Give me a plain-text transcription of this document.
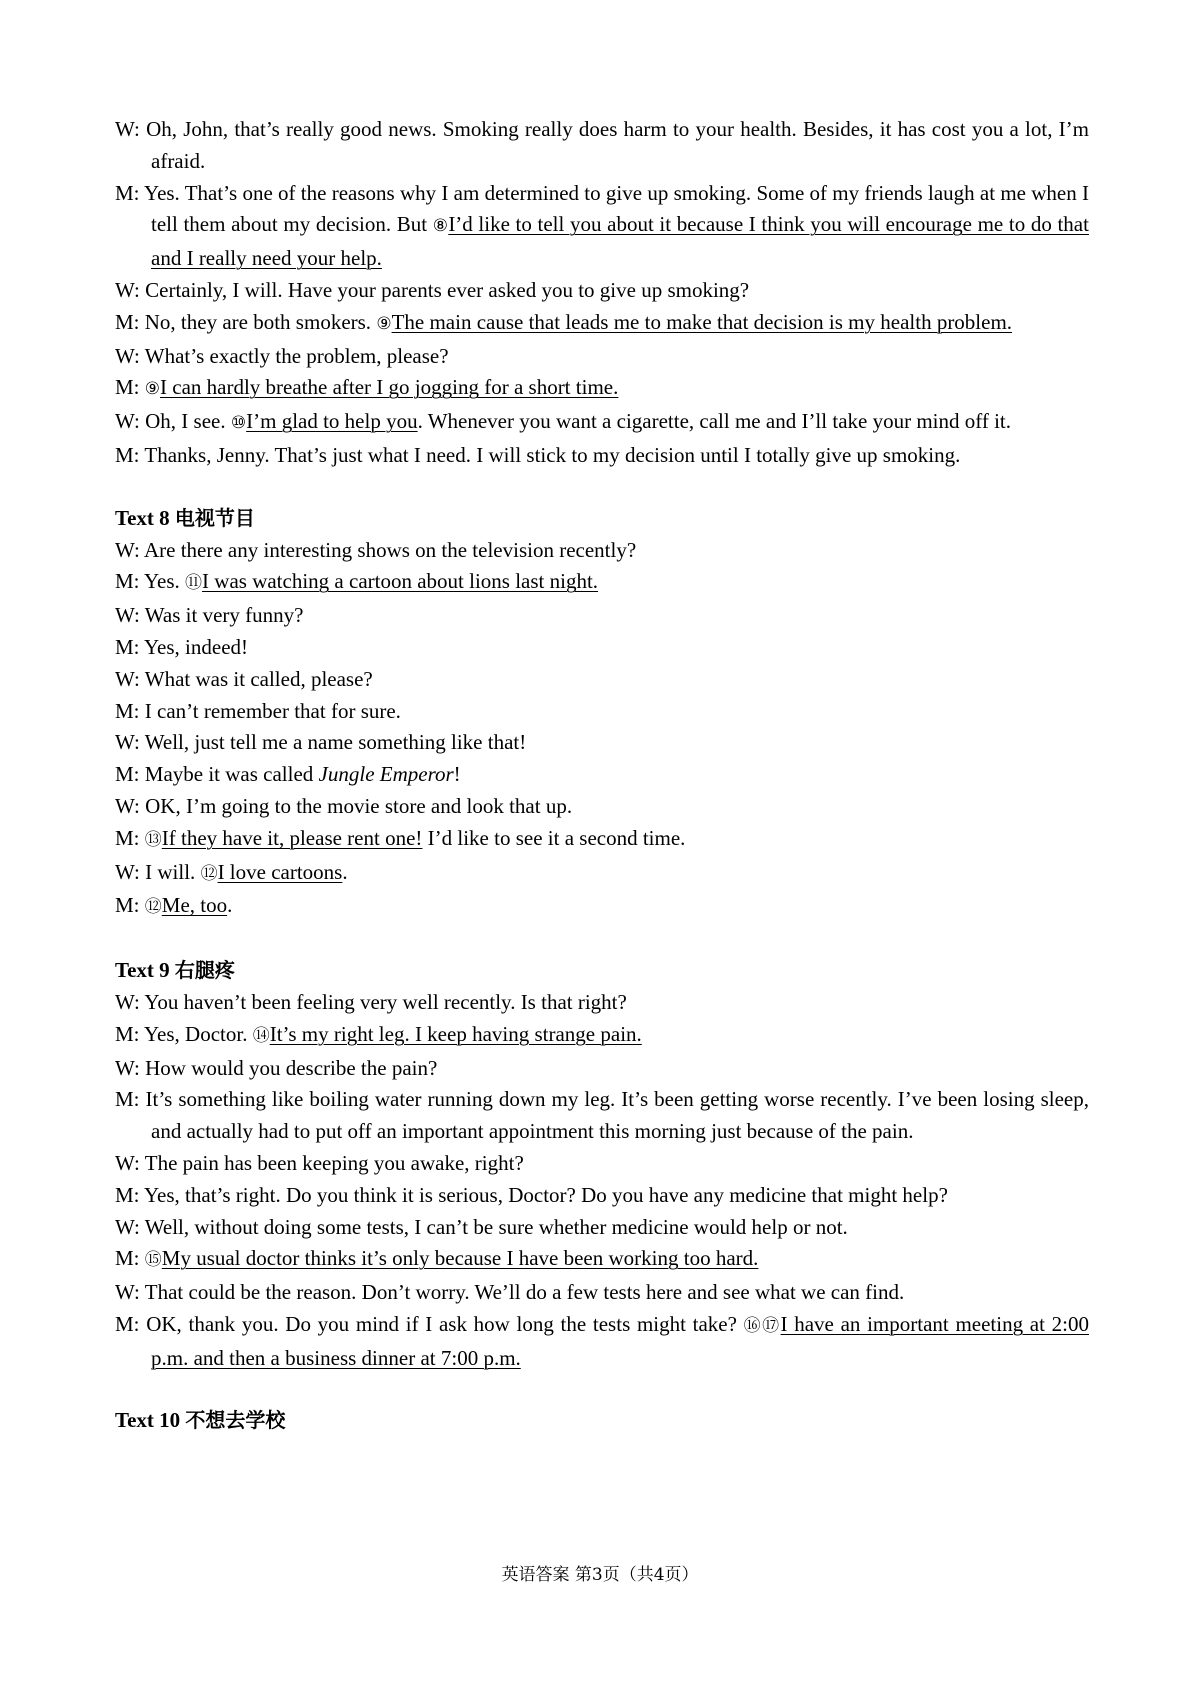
W: Oh, John, that’s really good news. Smoking really does harm to your health. Besides, it has cost you a lot, I’m afraid.
M: Yes. That’s one of the reasons why I am determined to give up smoking. Some of my friends laugh at me when I tell them about my decision. But ⑧I’d like to tell you about it because I think you will encourage me to do that and I really need your help.
W: Certainly, I will. Have your parents ever asked you to give up smoking?
M: No, they are both smokers. ⑨The main cause that leads me to make that decision is my health problem.
W: What’s exactly the problem, please?
M: ⑨I can hardly breathe after I go jogging for a short time.
W: Oh, I see. ⑩I’m glad to help you. Whenever you want a cigarette, call me and I’ll take your mind off it.
M: Thanks, Jenny. That’s just what I need. I will stick to my decision until I totally give up smoking.
Text 8 电视节目
W: Are there any interesting shows on the television recently?
M: Yes. ⑪I was watching a cartoon about lions last night.
W: Was it very funny?
M: Yes, indeed!
W: What was it called, please?
M: I can’t remember that for sure.
W: Well, just tell me a name something like that!
M: Maybe it was called Jungle Emperor!
W: OK, I’m going to the movie store and look that up.
M: ⑬If they have it, please rent one! I’d like to see it a second time.
W: I will. ⑫I love cartoons.
M: ⑫Me, too.
Text 9 右腿疼
W: You haven’t been feeling very well recently. Is that right?
M: Yes, Doctor. ⑭It’s my right leg. I keep having strange pain.
W: How would you describe the pain?
M: It’s something like boiling water running down my leg. It’s been getting worse recently. I’ve been losing sleep, and actually had to put off an important appointment this morning just because of the pain.
W: The pain has been keeping you awake, right?
M: Yes, that’s right. Do you think it is serious, Doctor? Do you have any medicine that might help?
W: Well, without doing some tests, I can’t be sure whether medicine would help or not.
M: ⑮My usual doctor thinks it’s only because I have been working too hard.
W: That could be the reason. Don’t worry. We’ll do a few tests here and see what we can find.
M: OK, thank you. Do you mind if I ask how long the tests might take? ⑯⑰I have an important meeting at 2:00 p.m. and then a business dinner at 7:00 p.m.
Text 10 不想去学校
英语答案 第3页（共4页）
